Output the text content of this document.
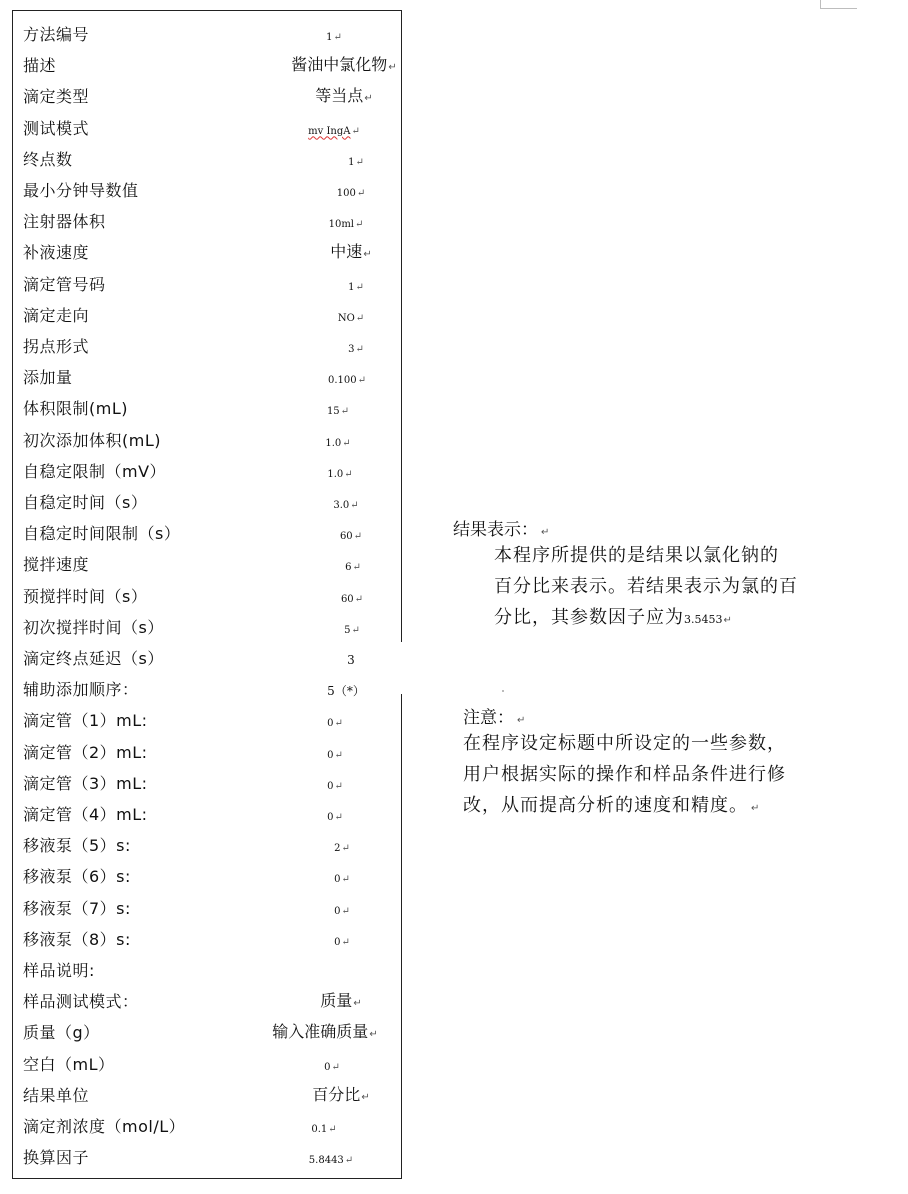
方法编号	1↵
描述	酱油中氯化物↵
滴定类型	等当点↵
测试模式	mv IngA↵
终点数	1↵
最小分钟导数值	100↵
注射器体积	10ml↵
补液速度	中速↵
滴定管号码	1↵
滴定走向	NO↵
拐点形式	3↵
添加量	0.100↵
体积限制(mL)	15↵
初次添加体积(mL)	1.0↵
自稳定限制（mV）	1.0↵
自稳定时间（s）	3.0↵
自稳定时间限制（s）	60↵
搅拌速度	6↵
预搅拌时间（s）	60↵
初次搅拌时间（s）	5↵
滴定终点延迟（s）	3
辅助添加顺序：	5（*）
滴定管（1）mL:	0↵
滴定管（2）mL:	0↵
滴定管（3）mL:	0↵
滴定管（4）mL:	0↵
移液泵（5）s:	2↵
移液泵（6）s:	0↵
移液泵（7）s:	0↵
移液泵（8）s:	0↵
样品说明:
样品测试模式：	质量↵
质量（g）	输入准确质量↵
空白（mL）	0↵
结果单位	百分比↵
滴定剂浓度（mol/L）	0.1↵
换算因子	5.8443↵
结果表示： ↵
本程序所提供的是结果以氯化钠的
百分比来表示。若结果表示为氯的百
分比，其参数因子应为3.5453↵
注意： ↵
在程序设定标题中所设定的一些参数，
用户根据实际的操作和样品条件进行修
改，从而提高分析的速度和精度。 ↵
